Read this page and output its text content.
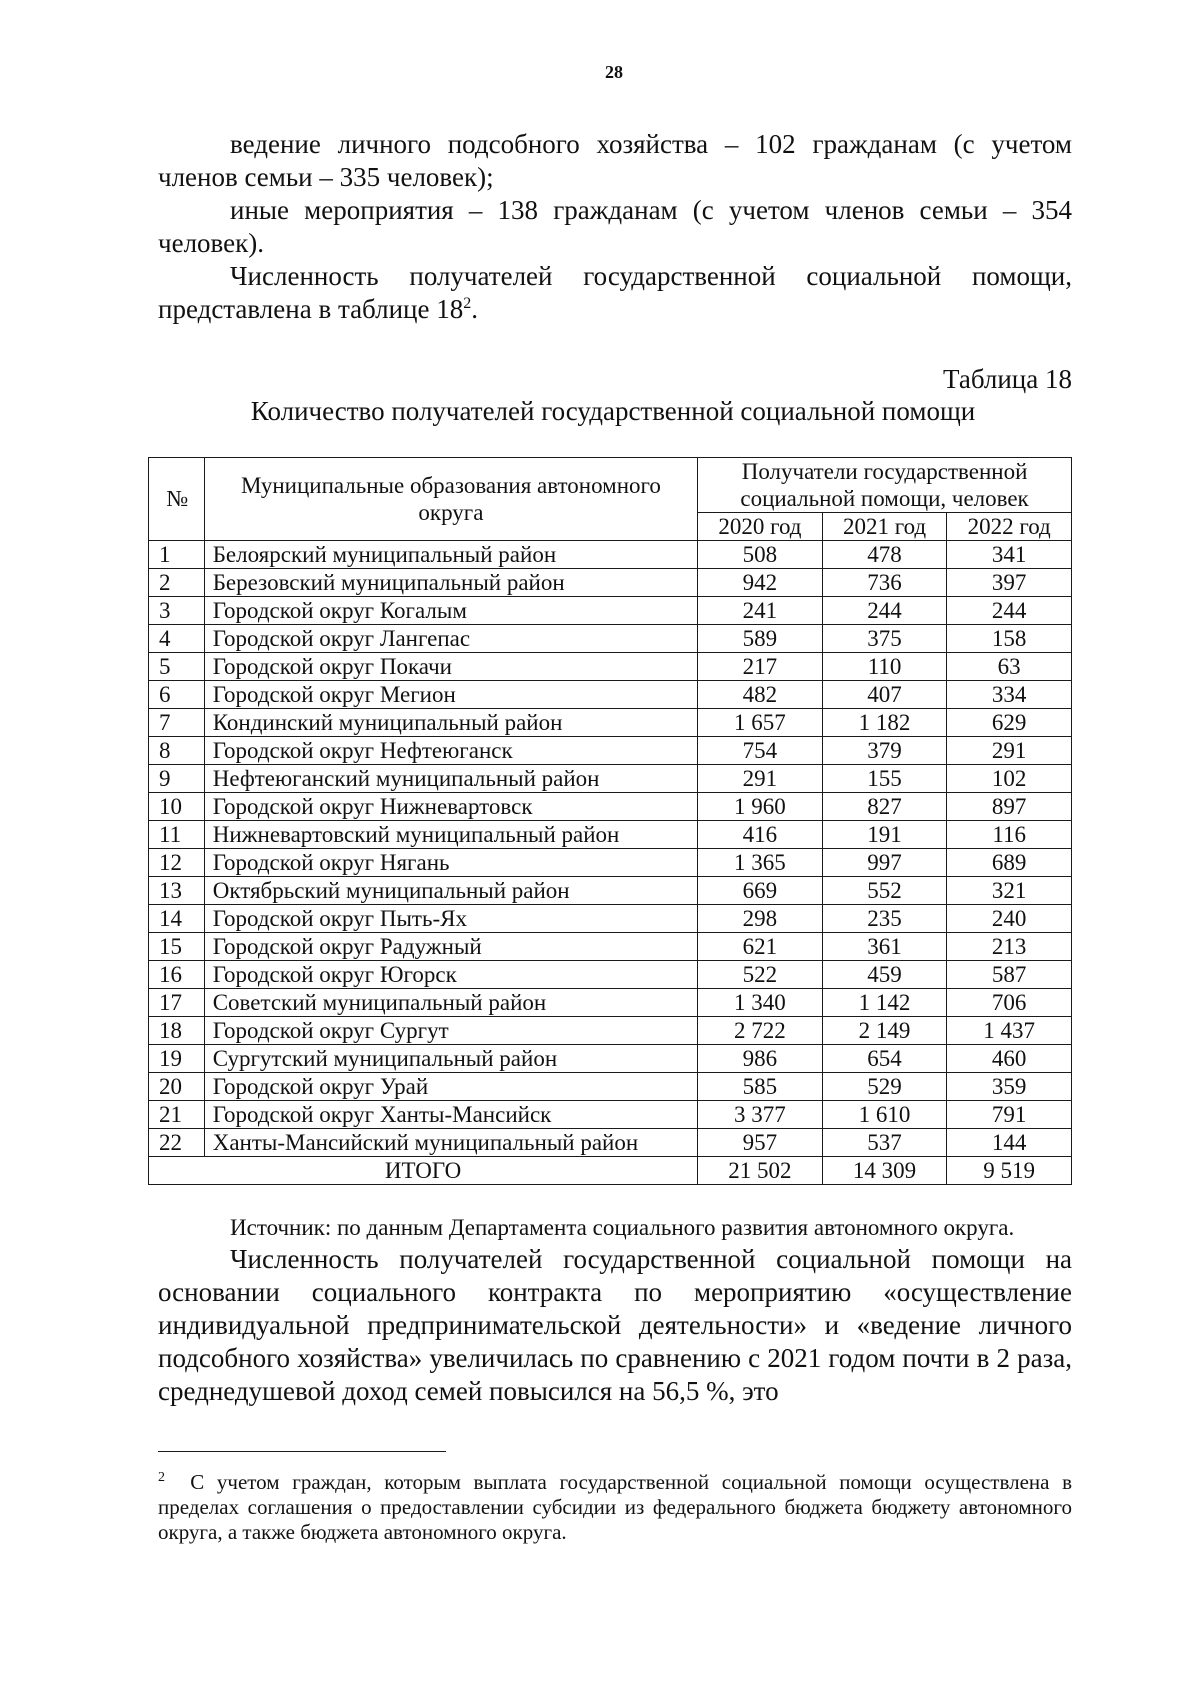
28

ведение личного подсобного хозяйства – 102 гражданам (с учетом членов семьи – 335 человек);

иные мероприятия – 138 гражданам (с учетом членов семьи – 354 человек).

Численность получателей государственной социальной помощи, представлена в таблице $18^2$.

Таблица 18
Количество получателей государственной социальной помощи
№	Муниципальные образования автономного округа	Получатели государственной социальной помощи, человек		
		2020 год	2021 год	2022 год
1	Белоярский муниципальный район	508	478	341
2	Березовский муниципальный район	942	736	397
3	Городской округ Когалым	241	244	244
4	Городской округ Лангепас	589	375	158
5	Городской округ Покачи	217	110	63
6	Городской округ Мегион	482	407	334
7	Кондинский муниципальный район	1 657	1 182	629
8	Городской округ Нефтеюганск	754	379	291
9	Нефтеюганский муниципальный район	291	155	102
10	Городской округ Нижневартовск	1 960	827	897
11	Нижневартовский муниципальный район	416	191	116
12	Городской округ Нягань	1 365	997	689
13	Октябрьский муниципальный район	669	552	321
14	Городской округ Пыть-Ях	298	235	240
15	Городской округ Радужный	621	361	213
16	Городской округ Югорск	522	459	587
17	Советский муниципальный район	1 340	1 142	706
18	Городской округ Сургут	2 722	2 149	1 437
19	Сургутский муниципальный район	986	654	460
20	Городской округ Урай	585	529	359
21	Городской округ Ханты-Мансийск	3 377	1 610	791
22	Ханты-Мансийский муниципальный район	957	537	144
ИТОГО		21 502	14 309	9 519
Источник: по данным Департамента социального развития автономного округа.

Численность получателей государственной социальной помощи на основании социального контракта по мероприятию «осуществление индивидуальной предпринимательской деятельности» и «ведение личного подсобного хозяйства» увеличилась по сравнению с 2021 годом почти в 2 раза, среднедушевой доход семей повысился на 56,5 %, это

$^2$ С учетом граждан, которым выплата государственной социальной помощи осуществлена в пределах соглашения о предоставлении субсидии из федерального бюджета бюджету автономного округа, а также бюджета автономного округа.
